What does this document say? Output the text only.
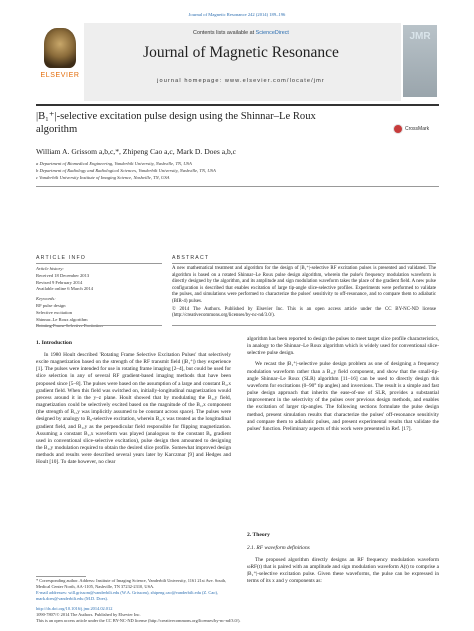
Journal of Magnetic Resonance 242 (2014) 189–196
ELSEVIER
Contents lists available at ScienceDirect
Journal of Magnetic Resonance
journal homepage: www.elsevier.com/locate/jmr
JMR
|B₁⁺|-selective excitation pulse design using the Shinnar–Le Roux
algorithm	CrossMark
William A. Grissom a,b,c,*, Zhipeng Cao a,c, Mark D. Does a,b,c
a Department of Biomedical Engineering, Vanderbilt University, Nashville, TN, USA
b Department of Radiology and Radiological Sciences, Vanderbilt University, Nashville, TN, USA
c Vanderbilt University Institute of Imaging Science, Nashville, TN, USA
ARTICLE INFO
Article history:
Received 18 December 2013
Revised 9 February 2014
Available online 6 March 2014
Keywords:
RF pulse design
Selective excitation
Shinnar–Le Roux algorithm
ABSTRACT

A new mathematical treatment and algorithm for the design of |B₁⁺|-selective RF excitation pulses is presented and validated. The algorithm is based on a rotated Shinnar–Le Roux pulse design algorithm, wherein the pulse's frequency modulation waveform is directly designed by the algorithm, and its amplitude and sign modulation waveform takes the place of the gradient field. A new pulse configuration is described that enables excitation of large tip-angle slice-selective profiles. Experiments were performed to validate the pulses, and simulations were performed to characterize the pulses' sensitivity to off-resonance, and to compare them to adiabatic (BIR-4) pulses.

© 2014 The Authors. Published by Elsevier Inc. This is an open access article under the CC BY-NC-ND license (http://creativecommons.org/licenses/by-nc-nd/3.0/).

1. Introduction

In 1980 Hoult described 'Rotating Frame Selective Excitation Pulses' that selectively excite magnetization based on the strength of the RF transmit field (|B₁⁺|) they experience [1]. The pulses were intended for use in rotating frame imaging [2–4], but could be used for slice selection in any of several RF gradient-based imaging methods that have been proposed since [5–8]. The pulses were based on the assumption of a large and constant B₁,x gradient field. When this field was switched on, initially-longitudinal magnetization would precess around it in the y–z plane. Hoult showed that by modulating the B₁,y field, magnetization could be selectively excited based on the magnitude of the B₁,x component (the strength of B₁,y was implicitly assumed to be constant across space). The pulses were designed by analogy to B₀-selective excitation, wherein B₁,x was treated as the longitudinal gradient field, and B₁,y as the perpendicular field responsible for flipping magnetization. Assuming a constant B₁,x waveform was played (analogous to the constant B₀ gradient used in conventional slice-selective excitation), pulse design then amounted to designing the B₁,y modulation required to obtain the desired slice profile. Somewhat improved design methods and results were described several years later by Karczmar [9] and Hedges and Hoult [10]. To date however, no clear

algorithm has been reported to design the pulses to meet target slice profile characteristics, in analogy to the Shinnar–Le Roux algorithm which is widely used for conventional slice-selective pulse design.

We recast the |B₁⁺|-selective pulse design problem as one of designing a frequency modulation waveform rather than a B₁,y field component, and show that the small-tip-angle Shinnar–Le Roux (SLR) algorithm [11–16] can be used to directly design this waveform for excitations (0–90° tip angles) and inversions. The result is a simple and fast pulse design approach that inherits the ease-of-use of SLR, provides a substantial improvement in the selectivity of the pulses over previous design methods, and enables the excitation of larger tip-angles. The following sections formulate the pulse design method, present simulation results that characterize the pulses' off-resonance sensitivity and compare them to adiabatic pulses, and present experimental results that validate the pulses' function. Preliminary aspects of this work were presented in Ref. [17].

2. Theory
2.1. RF waveform definitions

The proposed algorithm directly designs an RF frequency modulation waveform ωRF(t) that is paired with an amplitude and sign modulation waveform A(t) to comprise a |B₁⁺|-selective excitation pulse. Given these waveforms, the pulse can be expressed in terms of its x and y components as:

* Corresponding author. Address: Institute of Imaging Science, Vanderbilt University, 1161 21st Ave. South, Medical Center North, AA-1105, Nashville, TN 37232-2310, USA.
E-mail addresses: will.grissom@vanderbilt.edu (W.A. Grissom), zhipeng.cao@vanderbilt.edu (Z. Cao), mark.does@vanderbilt.edu (M.D. Does).
http://dx.doi.org/10.1016/j.jmr.2014.02.012
1090-7807/© 2014 The Authors. Published by Elsevier Inc.
This is an open access article under the CC BY-NC-ND license (http://creativecommons.org/licenses/by-nc-nd/3.0/).
